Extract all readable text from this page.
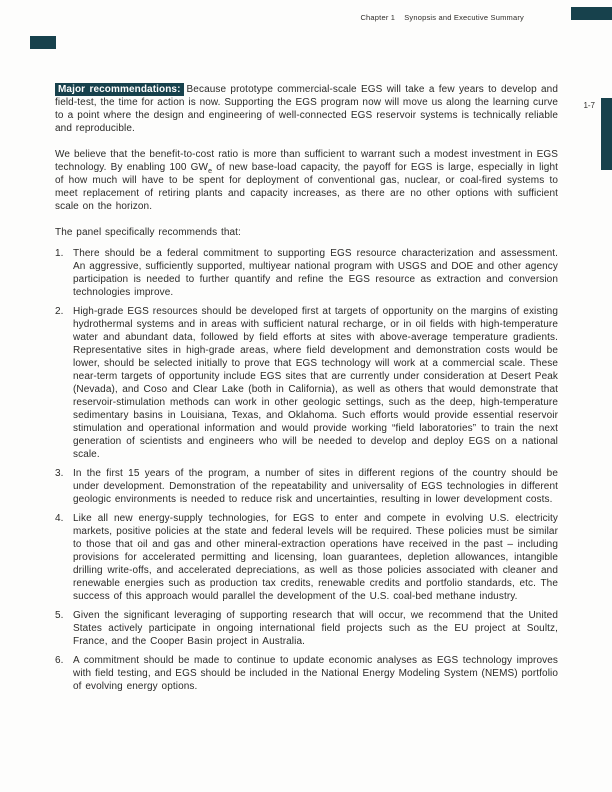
Chapter 1 Synopsis and Executive Summary
1-7

Major recommendations: Because prototype commercial-scale EGS will take a few years to develop and field-test, the time for action is now. Supporting the EGS program now will move us along the learning curve to a point where the design and engineering of well-connected EGS reservoir systems is technically reliable and reproducible.

We believe that the benefit-to-cost ratio is more than sufficient to warrant such a modest investment in EGS technology. By enabling 100 $GW_e$ of new base-load capacity, the payoff for EGS is large, especially in light of how much will have to be spent for deployment of conventional gas, nuclear, or coal-fired systems to meet replacement of retiring plants and capacity increases, as there are no other options with sufficient scale on the horizon.

The panel specifically recommends that:

1. There should be a federal commitment to supporting EGS resource characterization and assessment. An aggressive, sufficiently supported, multiyear national program with USGS and DOE and other agency participation is needed to further quantify and refine the EGS resource as extraction and conversion technologies improve.
2. High-grade EGS resources should be developed first at targets of opportunity on the margins of existing hydrothermal systems and in areas with sufficient natural recharge, or in oil fields with high-temperature water and abundant data, followed by field efforts at sites with above-average temperature gradients. Representative sites in high-grade areas, where field development and demonstration costs would be lower, should be selected initially to prove that EGS technology will work at a commercial scale. These near-term targets of opportunity include EGS sites that are currently under consideration at Desert Peak (Nevada), and Coso and Clear Lake (both in California), as well as others that would demonstrate that reservoir-stimulation methods can work in other geologic settings, such as the deep, high-temperature sedimentary basins in Louisiana, Texas, and Oklahoma. Such efforts would provide essential reservoir stimulation and operational information and would provide working “field laboratories” to train the next generation of scientists and engineers who will be needed to develop and deploy EGS on a national scale.
3. In the first 15 years of the program, a number of sites in different regions of the country should be under development. Demonstration of the repeatability and universality of EGS technologies in different geologic environments is needed to reduce risk and uncertainties, resulting in lower development costs.
4. Like all new energy-supply technologies, for EGS to enter and compete in evolving U.S. electricity markets, positive policies at the state and federal levels will be required. These policies must be similar to those that oil and gas and other mineral-extraction operations have received in the past – including provisions for accelerated permitting and licensing, loan guarantees, depletion allowances, intangible drilling write-offs, and accelerated depreciations, as well as those policies associated with cleaner and renewable energies such as production tax credits, renewable credits and portfolio standards, etc. The success of this approach would parallel the development of the U.S. coal-bed methane industry.
5. Given the significant leveraging of supporting research that will occur, we recommend that the United States actively participate in ongoing international field projects such as the EU project at Soultz, France, and the Cooper Basin project in Australia.
6. A commitment should be made to continue to update economic analyses as EGS technology improves with field testing, and EGS should be included in the National Energy Modeling System (NEMS) portfolio of evolving energy options.
